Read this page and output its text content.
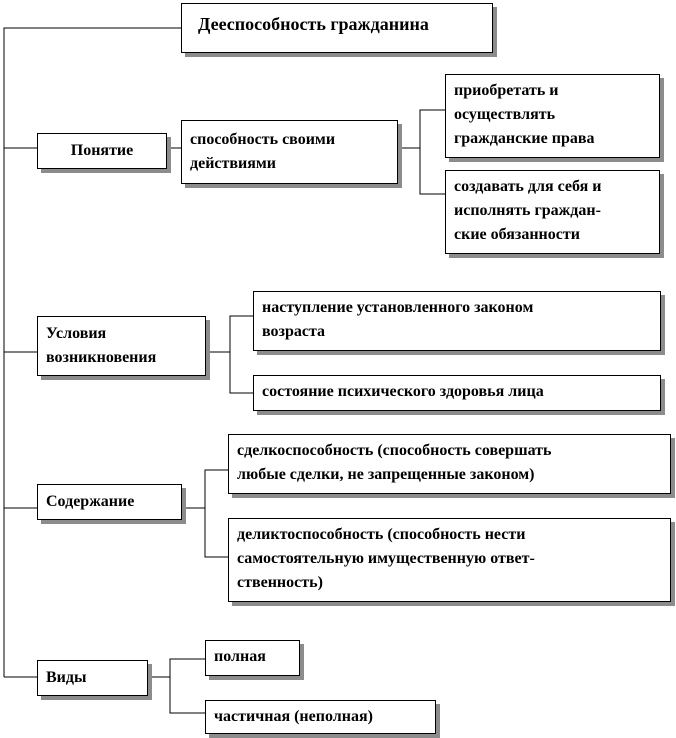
Дееспособность гражданина
Понятие
способность своими
действиями
приобретать и
осуществлять
гражданские права
создавать для себя и
исполнять граждан-
ские обязанности
Условия
возникновения
наступление установленного законом
возраста
состояние психического здоровья лица
Содержание
сделкоспособность (способность совершать
любые сделки, не запрещенные законом)
деликтоспособность (способность нести
самостоятельную имущественную ответ-
ственность)
Виды
полная
частичная (неполная)
